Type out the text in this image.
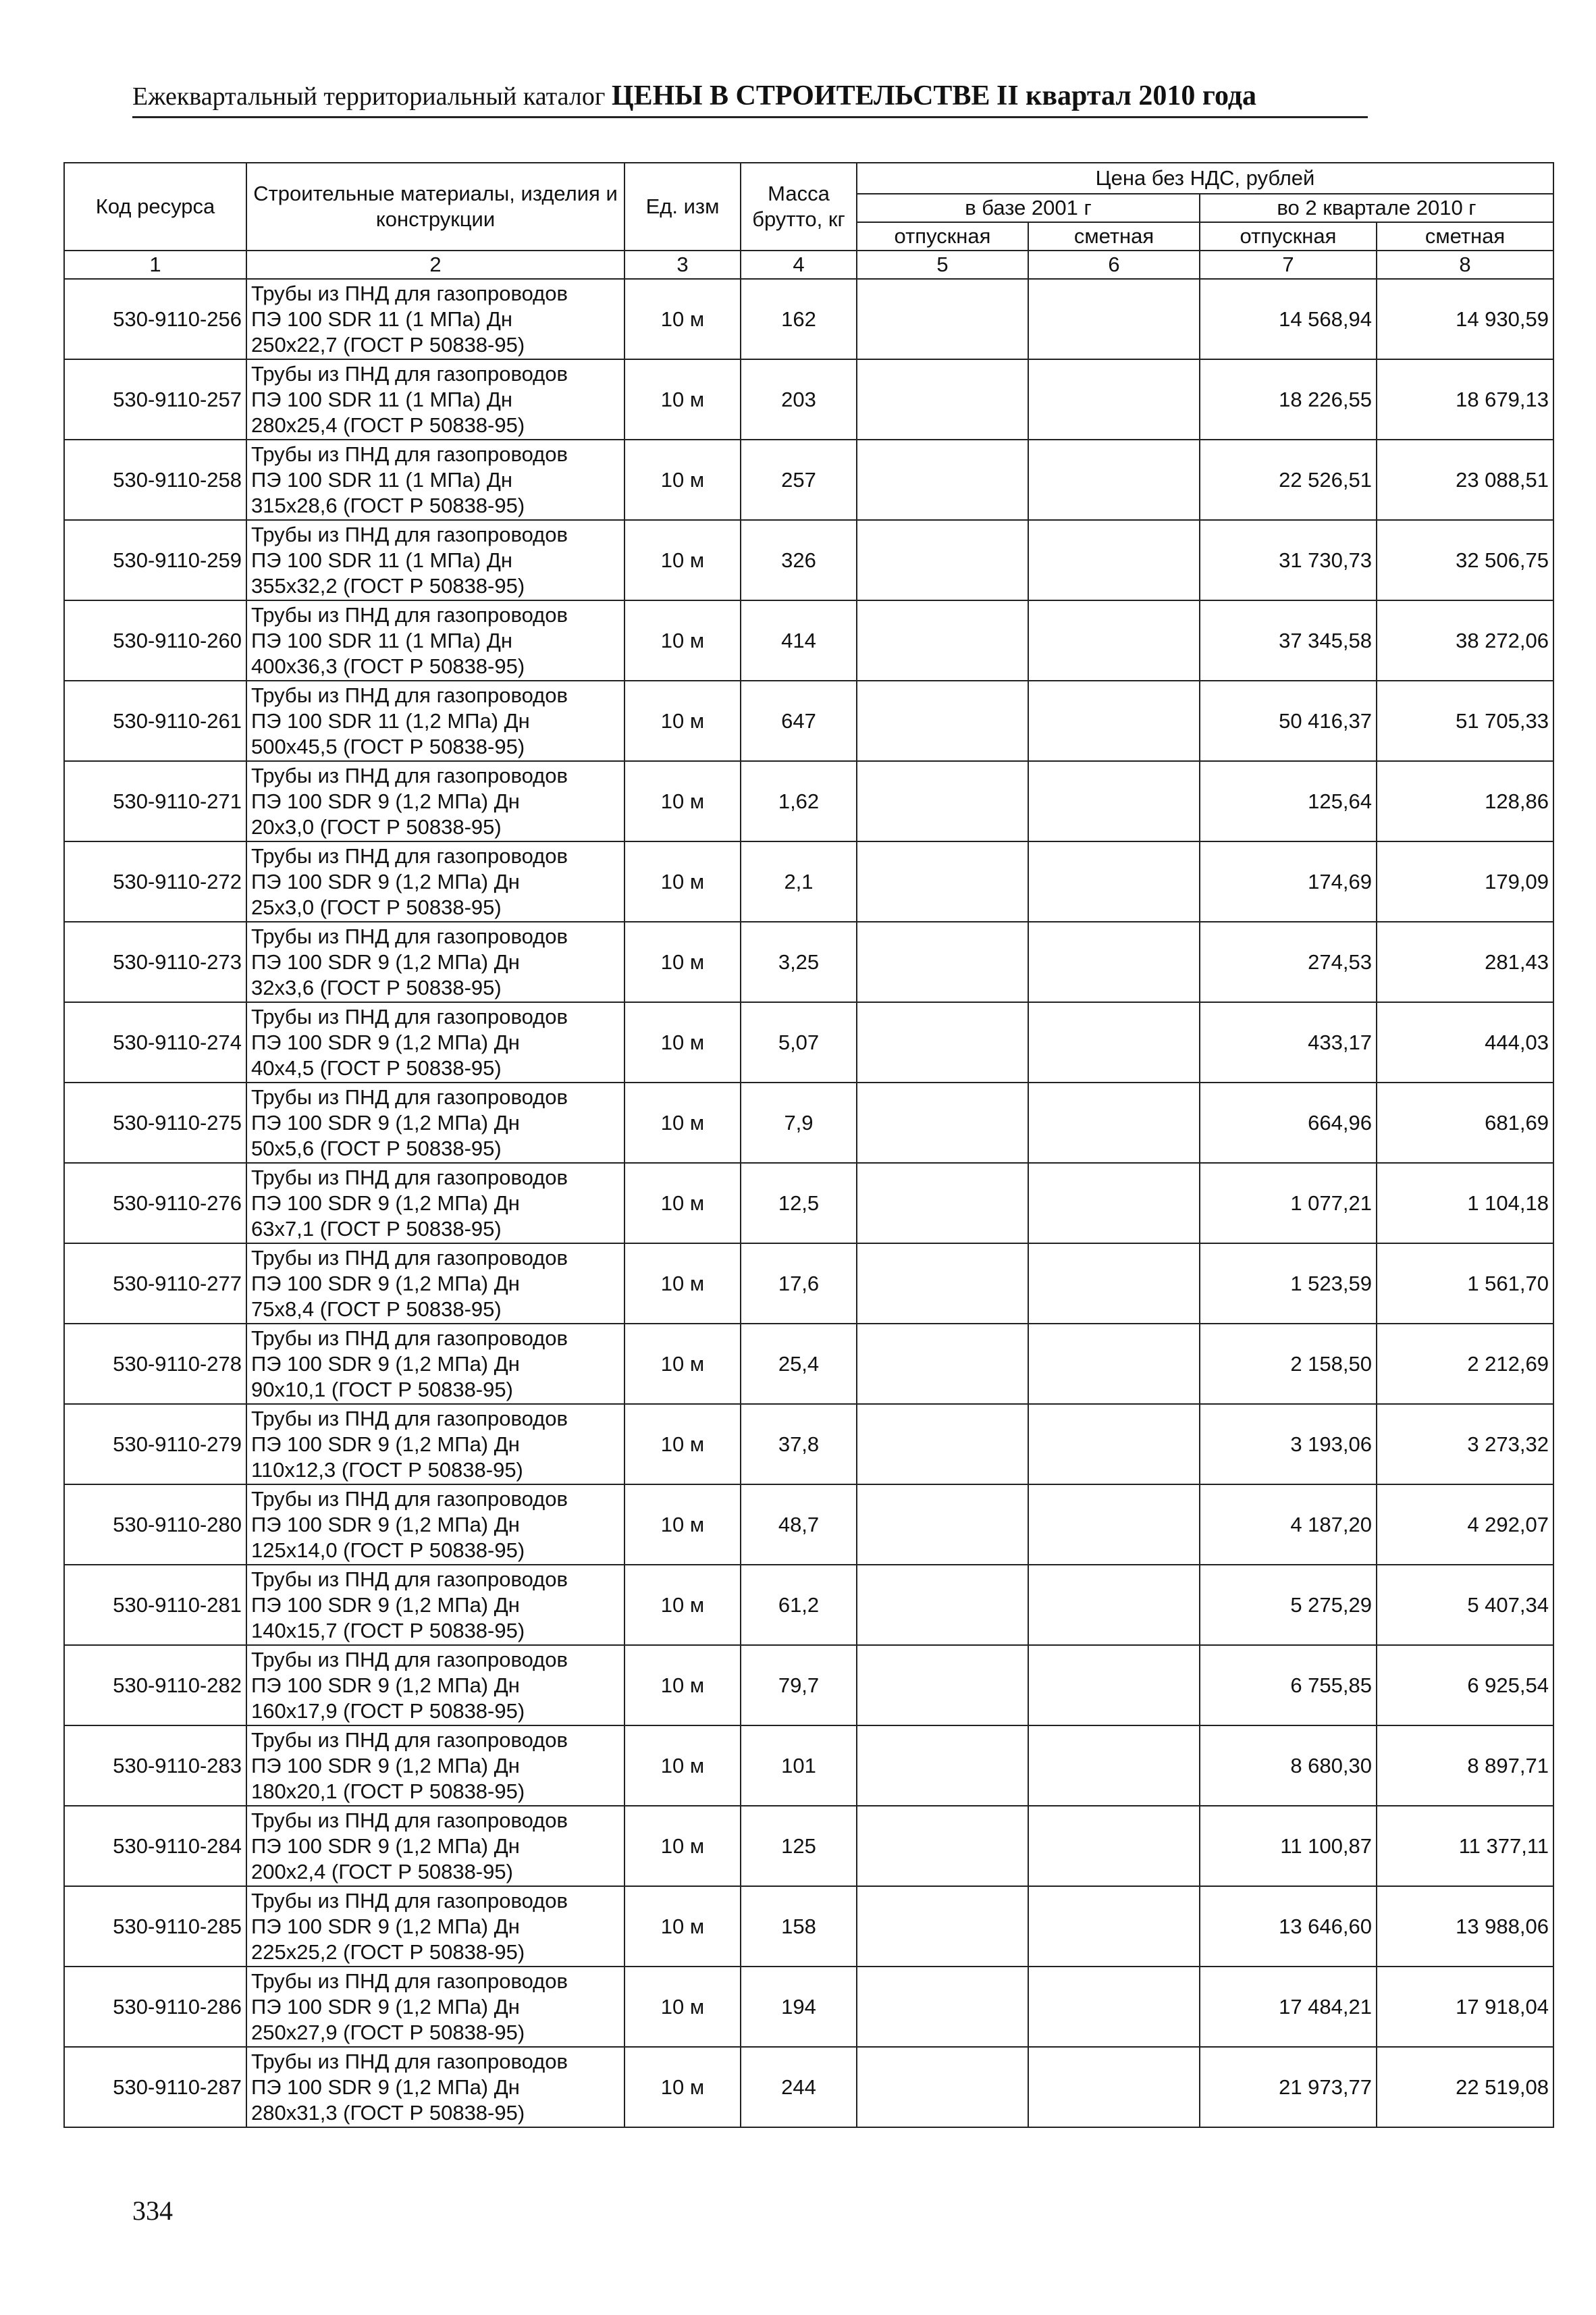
Ежеквартальный территориальный каталог ЦЕНЫ В СТРОИТЕЛЬСТВЕ II квартал 2010 года
Код ресурса	Строительные материалы, изделия и конструкции	Ед. изм	Масса брутто, кг	Цена без НДС, рублей			
				в базе 2001 г		во 2 квартале 2010 г	
				отпускная	сметная	отпускная	сметная
1	2	3	4	5	6	7	8
530-9110-256	Трубы из ПНД для газопроводов
ПЭ 100 SDR 11 (1 МПа) Дн
250х22,7 (ГОСТ Р 50838-95)	10 м	162			14 568,94	14 930,59
530-9110-257	Трубы из ПНД для газопроводов
ПЭ 100 SDR 11 (1 МПа) Дн
280х25,4 (ГОСТ Р 50838-95)	10 м	203			18 226,55	18 679,13
530-9110-258	Трубы из ПНД для газопроводов
ПЭ 100 SDR 11 (1 МПа) Дн
315х28,6 (ГОСТ Р 50838-95)	10 м	257			22 526,51	23 088,51
530-9110-259	Трубы из ПНД для газопроводов
ПЭ 100 SDR 11 (1 МПа) Дн
355х32,2 (ГОСТ Р 50838-95)	10 м	326			31 730,73	32 506,75
530-9110-260	Трубы из ПНД для газопроводов
ПЭ 100 SDR 11 (1 МПа) Дн
400х36,3 (ГОСТ Р 50838-95)	10 м	414			37 345,58	38 272,06
530-9110-261	Трубы из ПНД для газопроводов
ПЭ 100 SDR 11 (1,2 МПа) Дн
500х45,5 (ГОСТ Р 50838-95)	10 м	647			50 416,37	51 705,33
530-9110-271	Трубы из ПНД для газопроводов
ПЭ 100 SDR 9 (1,2 МПа) Дн
20х3,0 (ГОСТ Р 50838-95)	10 м	1,62			125,64	128,86
530-9110-272	Трубы из ПНД для газопроводов
ПЭ 100 SDR 9 (1,2 МПа) Дн
25х3,0 (ГОСТ Р 50838-95)	10 м	2,1			174,69	179,09
530-9110-273	Трубы из ПНД для газопроводов
ПЭ 100 SDR 9 (1,2 МПа) Дн
32х3,6 (ГОСТ Р 50838-95)	10 м	3,25			274,53	281,43
530-9110-274	Трубы из ПНД для газопроводов
ПЭ 100 SDR 9 (1,2 МПа) Дн
40х4,5 (ГОСТ Р 50838-95)	10 м	5,07			433,17	444,03
530-9110-275	Трубы из ПНД для газопроводов
ПЭ 100 SDR 9 (1,2 МПа) Дн
50х5,6 (ГОСТ Р 50838-95)	10 м	7,9			664,96	681,69
530-9110-276	Трубы из ПНД для газопроводов
ПЭ 100 SDR 9 (1,2 МПа) Дн
63х7,1 (ГОСТ Р 50838-95)	10 м	12,5			1 077,21	1 104,18
530-9110-277	Трубы из ПНД для газопроводов
ПЭ 100 SDR 9 (1,2 МПа) Дн
75х8,4 (ГОСТ Р 50838-95)	10 м	17,6			1 523,59	1 561,70
530-9110-278	Трубы из ПНД для газопроводов
ПЭ 100 SDR 9 (1,2 МПа) Дн
90х10,1 (ГОСТ Р 50838-95)	10 м	25,4			2 158,50	2 212,69
530-9110-279	Трубы из ПНД для газопроводов
ПЭ 100 SDR 9 (1,2 МПа) Дн
110х12,3 (ГОСТ Р 50838-95)	10 м	37,8			3 193,06	3 273,32
530-9110-280	Трубы из ПНД для газопроводов
ПЭ 100 SDR 9 (1,2 МПа) Дн
125х14,0 (ГОСТ Р 50838-95)	10 м	48,7			4 187,20	4 292,07
530-9110-281	Трубы из ПНД для газопроводов
ПЭ 100 SDR 9 (1,2 МПа) Дн
140х15,7 (ГОСТ Р 50838-95)	10 м	61,2			5 275,29	5 407,34
530-9110-282	Трубы из ПНД для газопроводов
ПЭ 100 SDR 9 (1,2 МПа) Дн
160х17,9 (ГОСТ Р 50838-95)	10 м	79,7			6 755,85	6 925,54
530-9110-283	Трубы из ПНД для газопроводов
ПЭ 100 SDR 9 (1,2 МПа) Дн
180х20,1 (ГОСТ Р 50838-95)	10 м	101			8 680,30	8 897,71
530-9110-284	Трубы из ПНД для газопроводов
ПЭ 100 SDR 9 (1,2 МПа) Дн
200х2,4 (ГОСТ Р 50838-95)	10 м	125			11 100,87	11 377,11
530-9110-285	Трубы из ПНД для газопроводов
ПЭ 100 SDR 9 (1,2 МПа) Дн
225х25,2 (ГОСТ Р 50838-95)	10 м	158			13 646,60	13 988,06
530-9110-286	Трубы из ПНД для газопроводов
ПЭ 100 SDR 9 (1,2 МПа) Дн
250х27,9 (ГОСТ Р 50838-95)	10 м	194			17 484,21	17 918,04
530-9110-287	Трубы из ПНД для газопроводов
ПЭ 100 SDR 9 (1,2 МПа) Дн
280х31,3 (ГОСТ Р 50838-95)	10 м	244			21 973,77	22 519,08
334
